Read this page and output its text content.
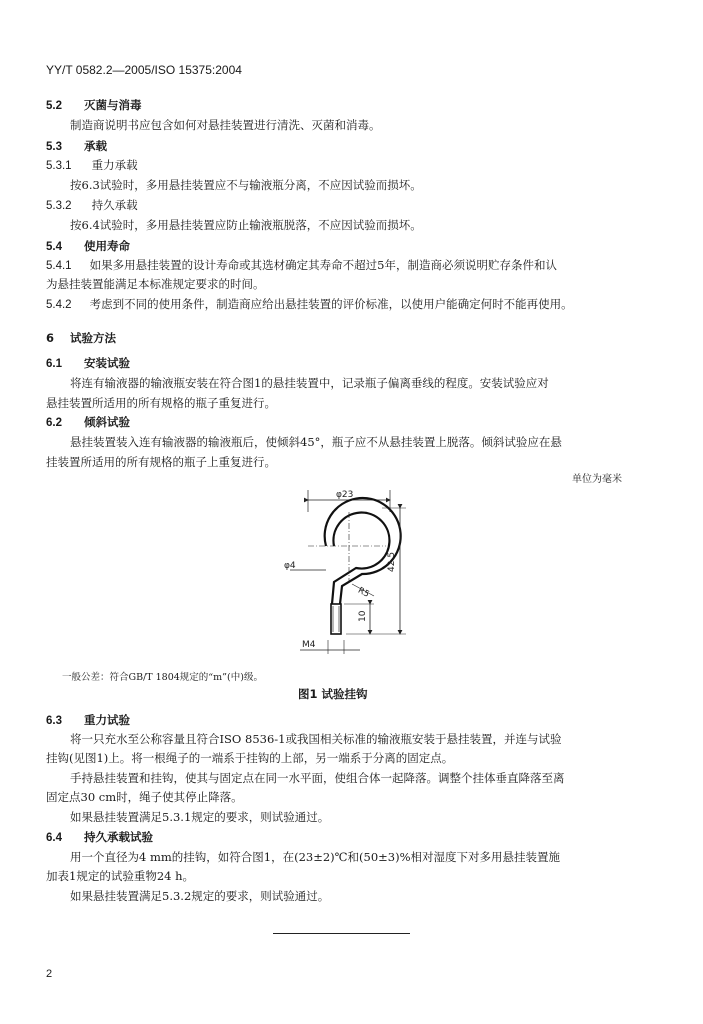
YY/T 0582.2—2005/ISO 15375:2004
5.2 灭菌与消毒
制造商说明书应包含如何对悬挂装置进行清洗、灭菌和消毒。
5.3 承载
5.3.1 重力承载
按6.3试验时，多用悬挂装置应不与输液瓶分离，不应因试验而损坏。
5.3.2 持久承载
按6.4试验时，多用悬挂装置应防止输液瓶脱落，不应因试验而损坏。
5.4 使用寿命
5.4.1 如果多用悬挂装置的设计寿命或其选材确定其寿命不超过5年，制造商必须说明贮存条件和认
为悬挂装置能满足本标准规定要求的时间。
5.4.2 考虑到不同的使用条件，制造商应给出悬挂装置的评价标准，以使用户能确定何时不能再使用。
6 试验方法
6.1 安装试验
将连有输液器的输液瓶安装在符合图1的悬挂装置中，记录瓶子偏离垂线的程度。安装试验应对
悬挂装置所适用的所有规格的瓶子重复进行。
6.2 倾斜试验
悬挂装置装入连有输液器的输液瓶后，使倾斜45°，瓶子应不从悬挂装置上脱落。倾斜试验应在悬
挂装置所适用的所有规格的瓶子上重复进行。
单位为毫米
φ23
φ4
R5
42.5
10
M4
一般公差：符合GB/T 1804规定的“m”(中)级。
图1 试验挂钩
6.3 重力试验
将一只充水至公称容量且符合ISO 8536-1或我国相关标准的输液瓶安装于悬挂装置，并连与试验
挂钩(见图1)上。将一根绳子的一端系于挂钩的上部，另一端系于分离的固定点。
手持悬挂装置和挂钩，使其与固定点在同一水平面，使组合体一起降落。调整个挂体垂直降落至离
固定点30 cm时，绳子使其停止降落。
如果悬挂装置满足5.3.1规定的要求，则试验通过。
6.4 持久承载试验
用一个直径为4 mm的挂钩，如符合图1，在(23±2)℃和(50±3)%相对湿度下对多用悬挂装置施
加表1规定的试验重物24 h。
如果悬挂装置满足5.3.2规定的要求，则试验通过。
2
